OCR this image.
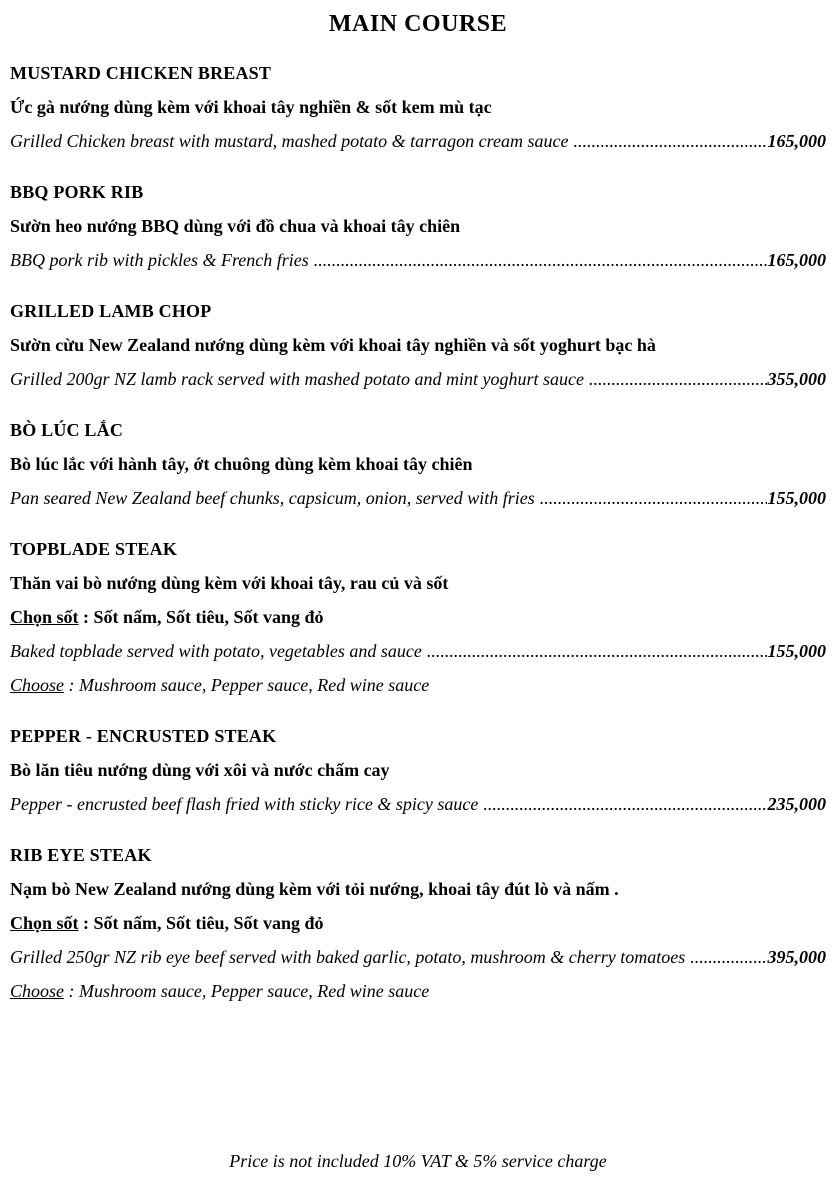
MAIN COURSE
MUSTARD CHICKEN BREAST
Ức gà nướng dùng kèm với khoai tây nghiền & sốt kem mù tạc
Grilled Chicken breast with mustard, mashed potato & tarragon cream sauce .....	165,000
BBQ PORK RIB
Sườn heo nướng BBQ dùng với đồ chua và khoai tây chiên
BBQ pork rib with pickles & French fries .....	165,000
GRILLED LAMB CHOP
Sườn cừu New Zealand nướng dùng kèm với khoai tây nghiền và sốt yoghurt bạc hà
Grilled 200gr NZ lamb rack served with mashed potato and mint yoghurt sauce .....	355,000
BÒ LÚC LẮC
Bò lúc lắc với hành tây, ớt chuông dùng kèm khoai tây chiên
Pan seared New Zealand beef chunks, capsicum, onion, served with fries .....	155,000
TOPBLADE STEAK
Thăn vai bò nướng dùng kèm với khoai tây, rau củ và sốt
Chọn sốt : Sốt nấm, Sốt tiêu, Sốt vang đỏ
Baked topblade served with potato, vegetables and sauce .....	155,000
Choose : Mushroom sauce, Pepper sauce, Red wine sauce
PEPPER - ENCRUSTED STEAK
Bò lăn tiêu nướng dùng với xôi và nước chấm cay
Pepper - encrusted beef flash fried with sticky rice & spicy sauce .....	235,000
RIB EYE STEAK
Nạm bò New Zealand nướng dùng kèm với tỏi nướng, khoai tây đút lò và nấm .
Chọn sốt : Sốt nấm, Sốt tiêu, Sốt vang đỏ
Grilled 250gr NZ rib eye beef served with baked garlic, potato, mushroom & cherry tomatoes .....	395,000
Choose : Mushroom sauce, Pepper sauce, Red wine sauce
Price is not included 10% VAT & 5% service charge
